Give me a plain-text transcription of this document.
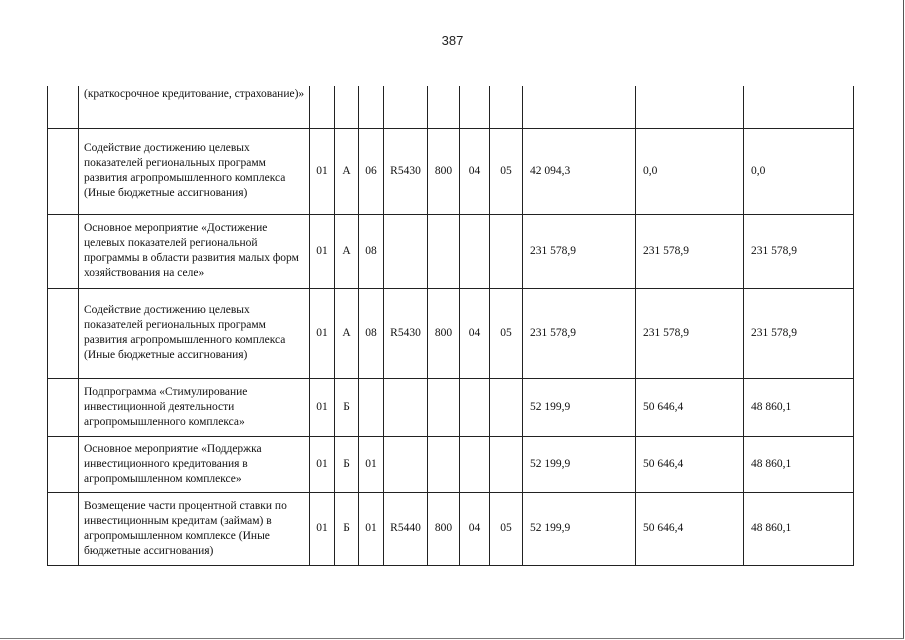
387
	(краткосрочное кредитование, страхование)»										
	Содействие достижению целевых показателей региональных программ развития агропромышленного комплекса (Иные бюджетные ассигнования)	01	А	06	R5430	800	04	05	42 094,3	0,0	0,0
	Основное мероприятие «Достижение целевых показателей региональной программы в области развития малых форм хозяйствования на селе»	01	А	08					231 578,9	231 578,9	231 578,9
	Содействие достижению целевых показателей региональных программ развития агропромышленного комплекса (Иные бюджетные ассигнования)	01	А	08	R5430	800	04	05	231 578,9	231 578,9	231 578,9
	Подпрограмма «Стимулирование инвестиционной деятельности агропромышленного комплекса»	01	Б						52 199,9	50 646,4	48 860,1
	Основное мероприятие «Поддержка инвестиционного кредитования в агропромышленном комплексе»	01	Б	01					52 199,9	50 646,4	48 860,1
	Возмещение части процентной ставки по инвестиционным кредитам (займам) в агропромышленном комплексе (Иные бюджетные ассигнования)	01	Б	01	R5440	800	04	05	52 199,9	50 646,4	48 860,1
